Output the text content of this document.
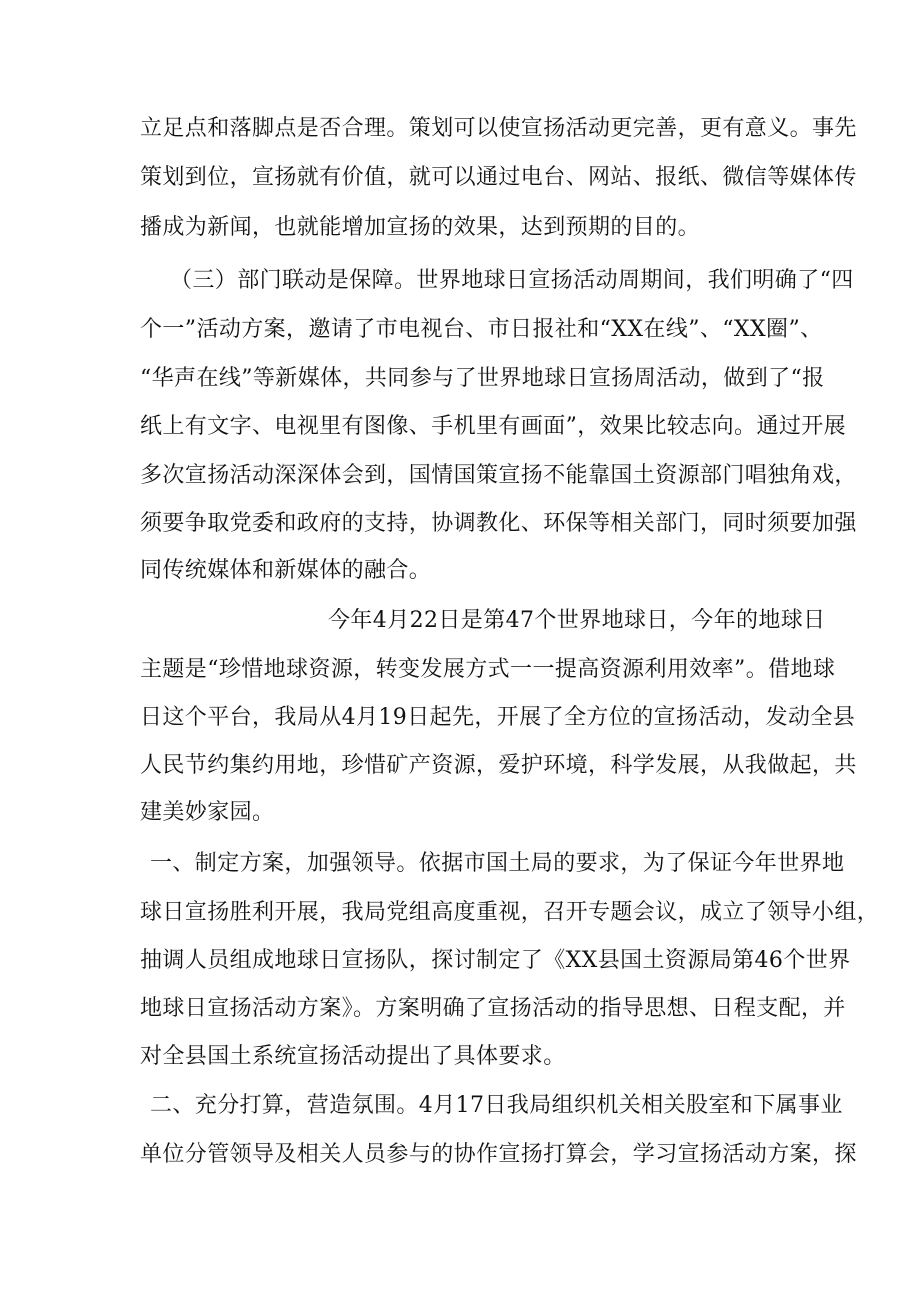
立足点和落脚点是否合理。策划可以使宣扬活动更完善，更有意义。事先
策划到位，宣扬就有价值，就可以通过电台、网站、报纸、微信等媒体传
播成为新闻，也就能增加宣扬的效果，达到预期的目的。
（三）部门联动是保障。世界地球日宣扬活动周期间，我们明确了“四
个一”活动方案，邀请了市电视台、市日报社和“XX在线”、“XX圈”、
“华声在线”等新媒体，共同参与了世界地球日宣扬周活动，做到了“报
纸上有文字、电视里有图像、手机里有画面”，效果比较志向。通过开展
多次宣扬活动深深体会到，国情国策宣扬不能靠国土资源部门唱独角戏，
须要争取党委和政府的支持，协调教化、环保等相关部门，同时须要加强
同传统媒体和新媒体的融合。
今年4月22日是第47个世界地球日，今年的地球日
主题是“珍惜地球资源，转变发展方式一一提高资源利用效率”。借地球
日这个平台，我局从4月19日起先，开展了全方位的宣扬活动，发动全县
人民节约集约用地，珍惜矿产资源，爱护环境，科学发展，从我做起，共
建美妙家园。
一、制定方案，加强领导。依据市国土局的要求，为了保证今年世界地
球日宣扬胜利开展，我局党组高度重视，召开专题会议，成立了领导小组，
抽调人员组成地球日宣扬队，探讨制定了《XX县国土资源局第46个世界
地球日宣扬活动方案》。方案明确了宣扬活动的指导思想、日程支配，并
对全县国土系统宣扬活动提出了具体要求。
二、充分打算，营造氛围。4月17日我局组织机关相关股室和下属事业
单位分管领导及相关人员参与的协作宣扬打算会，学习宣扬活动方案，探
